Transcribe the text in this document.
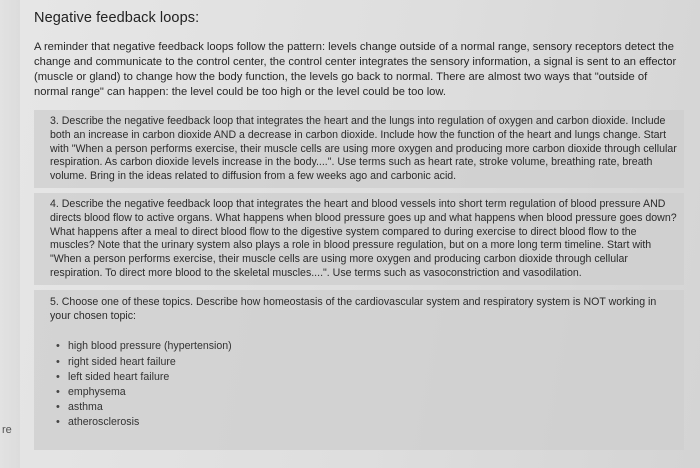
re
Negative feedback loops:

A reminder that negative feedback loops follow the pattern: levels change outside of a normal range, sensory receptors detect the change and communicate to the control center, the control center integrates the sensory information, a signal is sent to an effector (muscle or gland) to change how the body function, the levels go back to normal. There are almost two ways that "outside of normal range" can happen: the level could be too high or the level could be too low.

3. Describe the negative feedback loop that integrates the heart and the lungs into regulation of oxygen and carbon dioxide. Include both an increase in carbon dioxide AND a decrease in carbon dioxide. Include how the function of the heart and lungs change. Start with "When a person performs exercise, their muscle cells are using more oxygen and producing more carbon dioxide through cellular respiration. As carbon dioxide levels increase in the body....". Use terms such as heart rate, stroke volume, breathing rate, breath volume. Bring in the ideas related to diffusion from a few weeks ago and carbonic acid.

4. Describe the negative feedback loop that integrates the heart and blood vessels into short term regulation of blood pressure AND directs blood flow to active organs. What happens when blood pressure goes up and what happens when blood pressure goes down? What happens after a meal to direct blood flow to the digestive system compared to during exercise to direct blood flow to the muscles? Note that the urinary system also plays a role in blood pressure regulation, but on a more long term timeline. Start with "When a person performs exercise, their muscle cells are using more oxygen and producing carbon dioxide through cellular respiration. To direct more blood to the skeletal muscles....". Use terms such as vasoconstriction and vasodilation.

5. Choose one of these topics. Describe how homeostasis of the cardiovascular system and respiratory system is NOT working in your chosen topic:

• high blood pressure (hypertension)
• right sided heart failure
• left sided heart failure
• emphysema
• asthma
• atherosclerosis
